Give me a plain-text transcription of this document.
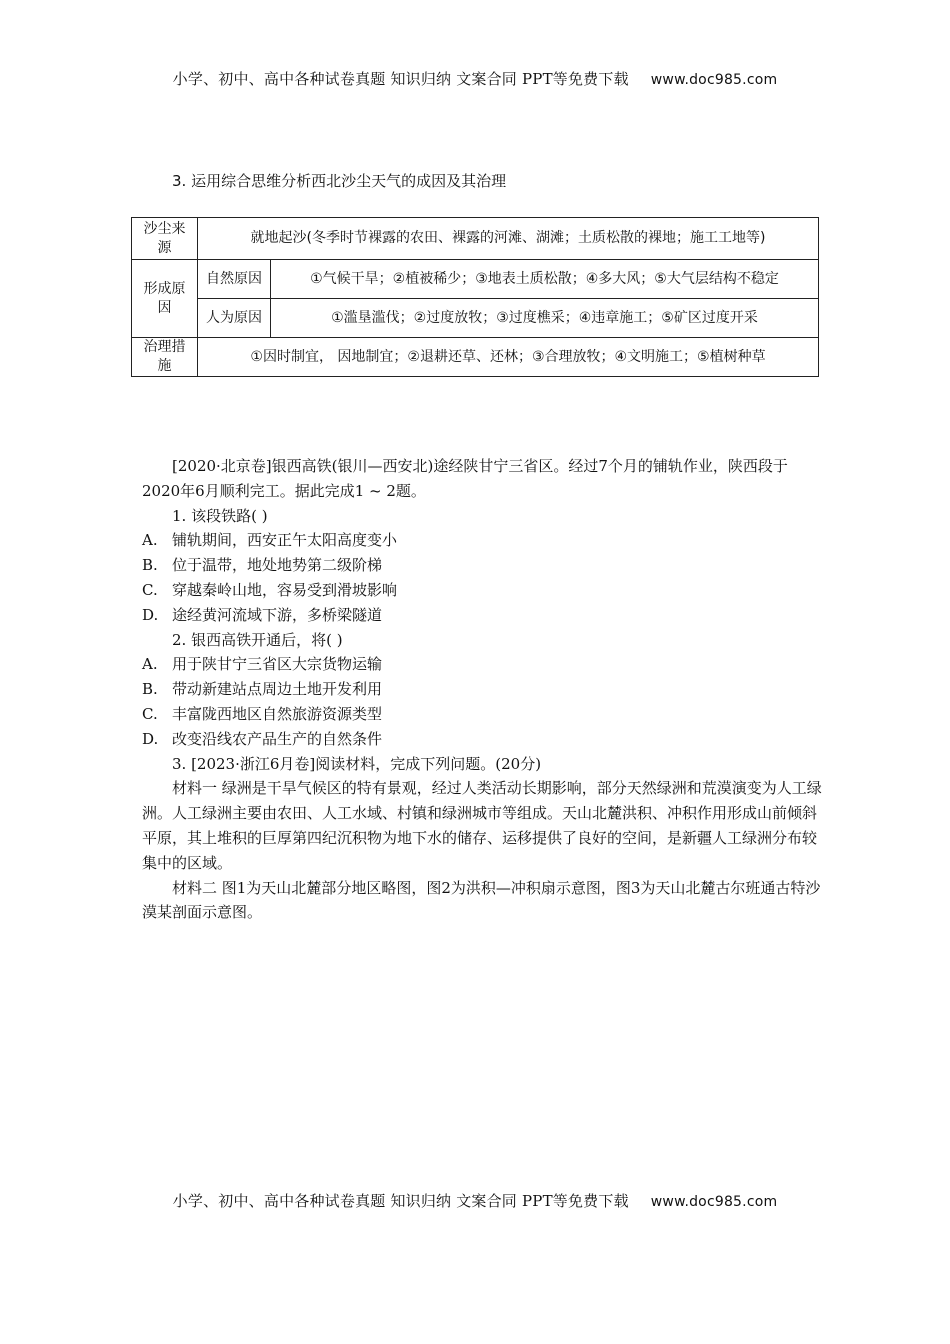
小学、初中、高中各种试卷真题 知识归纳 文案合同 PPT等免费下载 www.doc985.com
3. 运用综合思维分析西北沙尘天气的成因及其治理
沙尘来源	就地起沙(冬季时节裸露的农田、裸露的河滩、湖滩；土质松散的裸地；施工工地等)	
形成原因	自然原因	①气候干旱；②植被稀少；③地表土质松散；④多大风；⑤大气层结构不稳定
	人为原因	①滥垦滥伐；②过度放牧；③过度樵采；④违章施工；⑤矿区过度开采
治理措施	①因时制宜， 因地制宜；②退耕还草、还林；③合理放牧；④文明施工；⑤植树种草	

[2020·北京卷]银西高铁(银川—西安北)途经陕甘宁三省区。经过7个月的铺轨作业，陕西段于2020年6月顺利完工。据此完成1 ~ 2题。

1. 该段铁路( )

A. 铺轨期间，西安正午太阳高度变小

B. 位于温带，地处地势第二级阶梯

C. 穿越秦岭山地，容易受到滑坡影响

D. 途经黄河流域下游，多桥梁隧道

2. 银西高铁开通后，将( )

A. 用于陕甘宁三省区大宗货物运输

B. 带动新建站点周边土地开发利用

C. 丰富陇西地区自然旅游资源类型

D. 改变沿线农产品生产的自然条件

3. [2023·浙江6月卷]阅读材料，完成下列问题。(20分)

材料一 绿洲是干旱气候区的特有景观，经过人类活动长期影响，部分天然绿洲和荒漠演变为人工绿洲。人工绿洲主要由农田、人工水域、村镇和绿洲城市等组成。天山北麓洪积、冲积作用形成山前倾斜平原，其上堆积的巨厚第四纪沉积物为地下水的储存、运移提供了良好的空间，是新疆人工绿洲分布较集中的区域。

材料二 图1为天山北麓部分地区略图，图2为洪积—冲积扇示意图，图3为天山北麓古尔班通古特沙漠某剖面示意图。

小学、初中、高中各种试卷真题 知识归纳 文案合同 PPT等免费下载 www.doc985.com
